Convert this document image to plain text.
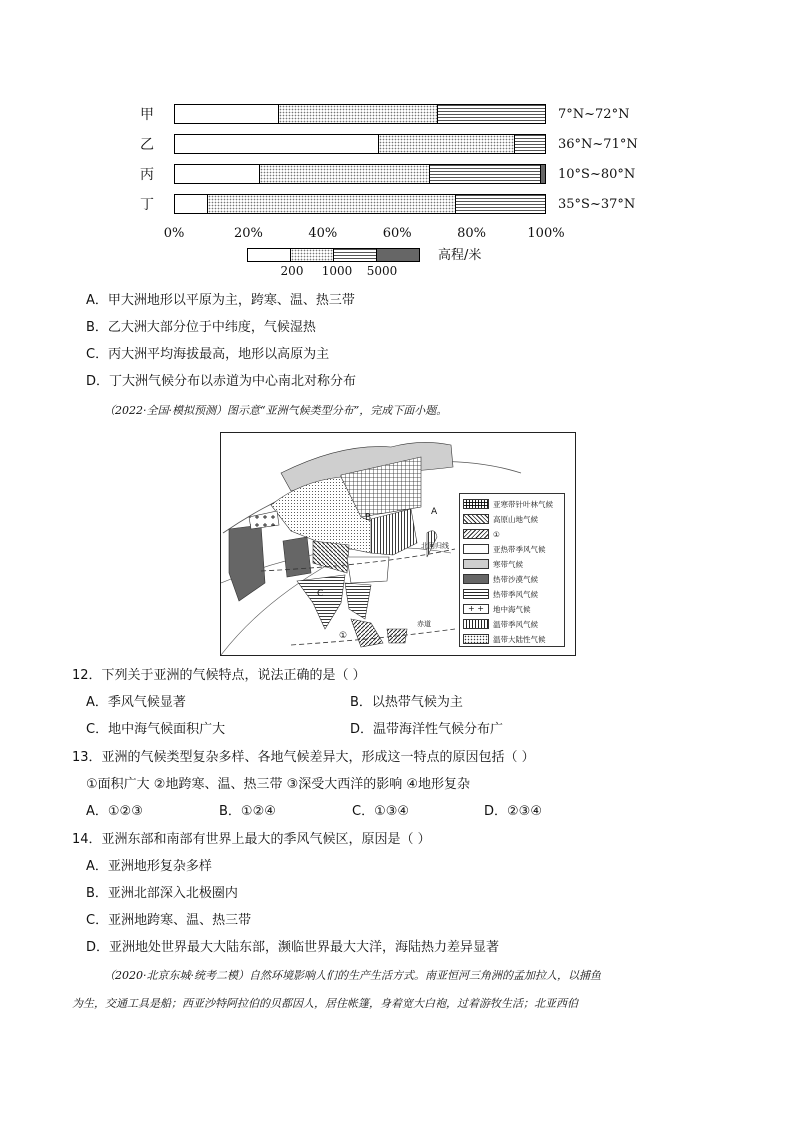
甲	7°N~72°N
乙	36°N~71°N
丙	10°S~80°N
丁	35°S~37°N
0%	20%	40%	60%	80%	100%
高程/米
200 1000 5000
A．甲大洲地形以平原为主，跨寒、温、热三带
B．乙大洲大部分位于中纬度，气候湿热
C．丙大洲平均海拔最高，地形以高原为主
D．丁大洲气候分布以赤道为中心南北对称分布
（2022·全国·模拟预测）图示意“亚洲气候类型分布”，完成下面小题。
A
B
C
①
北回归线
赤道
亚寒带针叶林气候
高原山地气候
①
亚热带季风气候
寒带气候
热带沙漠气候
热带季风气候
+ +	地中海气候
温带季风气候
温带大陆性气候
12．下列关于亚洲的气候特点，说法正确的是（ ）
A．季风气候显著	B．以热带气候为主
C．地中海气候面积广大	D．温带海洋性气候分布广
13．亚洲的气候类型复杂多样、各地气候差异大，形成这一特点的原因包括（ ）
①面积广大 ②地跨寒、温、热三带 ③深受大西洋的影响 ④地形复杂
A．①②③	B．①②④	C．①③④	D．②③④
14．亚洲东部和南部有世界上最大的季风气候区，原因是（ ）
A．亚洲地形复杂多样
B．亚洲北部深入北极圈内
C．亚洲地跨寒、温、热三带
D．亚洲地处世界最大大陆东部，濒临世界最大大洋，海陆热力差异显著
（2020·北京东城·统考二模）自然环境影响人们的生产生活方式。南亚恒河三角洲的孟加拉人，以捕鱼
为生，交通工具是船；西亚沙特阿拉伯的贝都因人，居住帐篷，身着宽大白袍，过着游牧生活；北亚西伯
